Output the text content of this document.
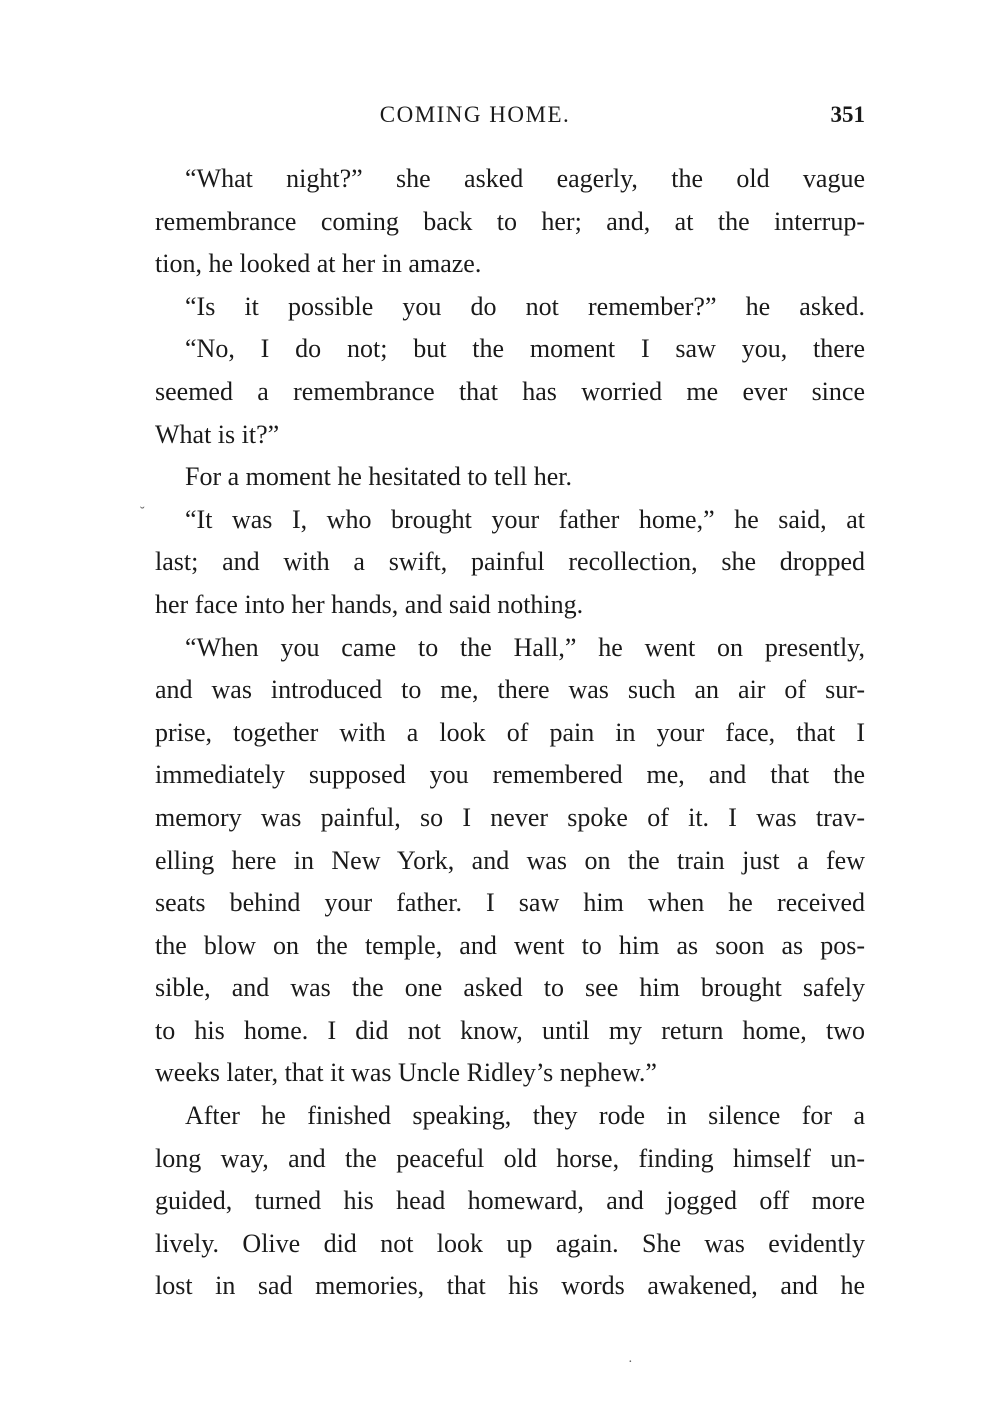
COMING HOME.	351
“What night?” she asked eagerly, the old vague
remembrance coming back to her; and, at the interrup-
tion, he looked at her in amaze.
“Is it possible you do not remember?” he asked.
“No, I do not; but the moment I saw you, there
seemed a remembrance that has worried me ever since
What is it?”
For a moment he hesitated to tell her.
“It was I, who brought your father home,” he said, at
last; and with a swift, painful recollection, she dropped
her face into her hands, and said nothing.
“When you came to the Hall,” he went on presently,
and was introduced to me, there was such an air of sur-
prise, together with a look of pain in your face, that I
immediately supposed you remembered me, and that the
memory was painful, so I never spoke of it. I was trav-
elling here in New York, and was on the train just a few
seats behind your father. I saw him when he received
the blow on the temple, and went to him as soon as pos-
sible, and was the one asked to see him brought safely
to his home. I did not know, until my return home, two
weeks later, that it was Uncle Ridley’s nephew.”
After he finished speaking, they rode in silence for a
long way, and the peaceful old horse, finding himself un-
guided, turned his head homeward, and jogged off more
lively. Olive did not look up again. She was evidently
lost in sad memories, that his words awakened, and he
˘
·
